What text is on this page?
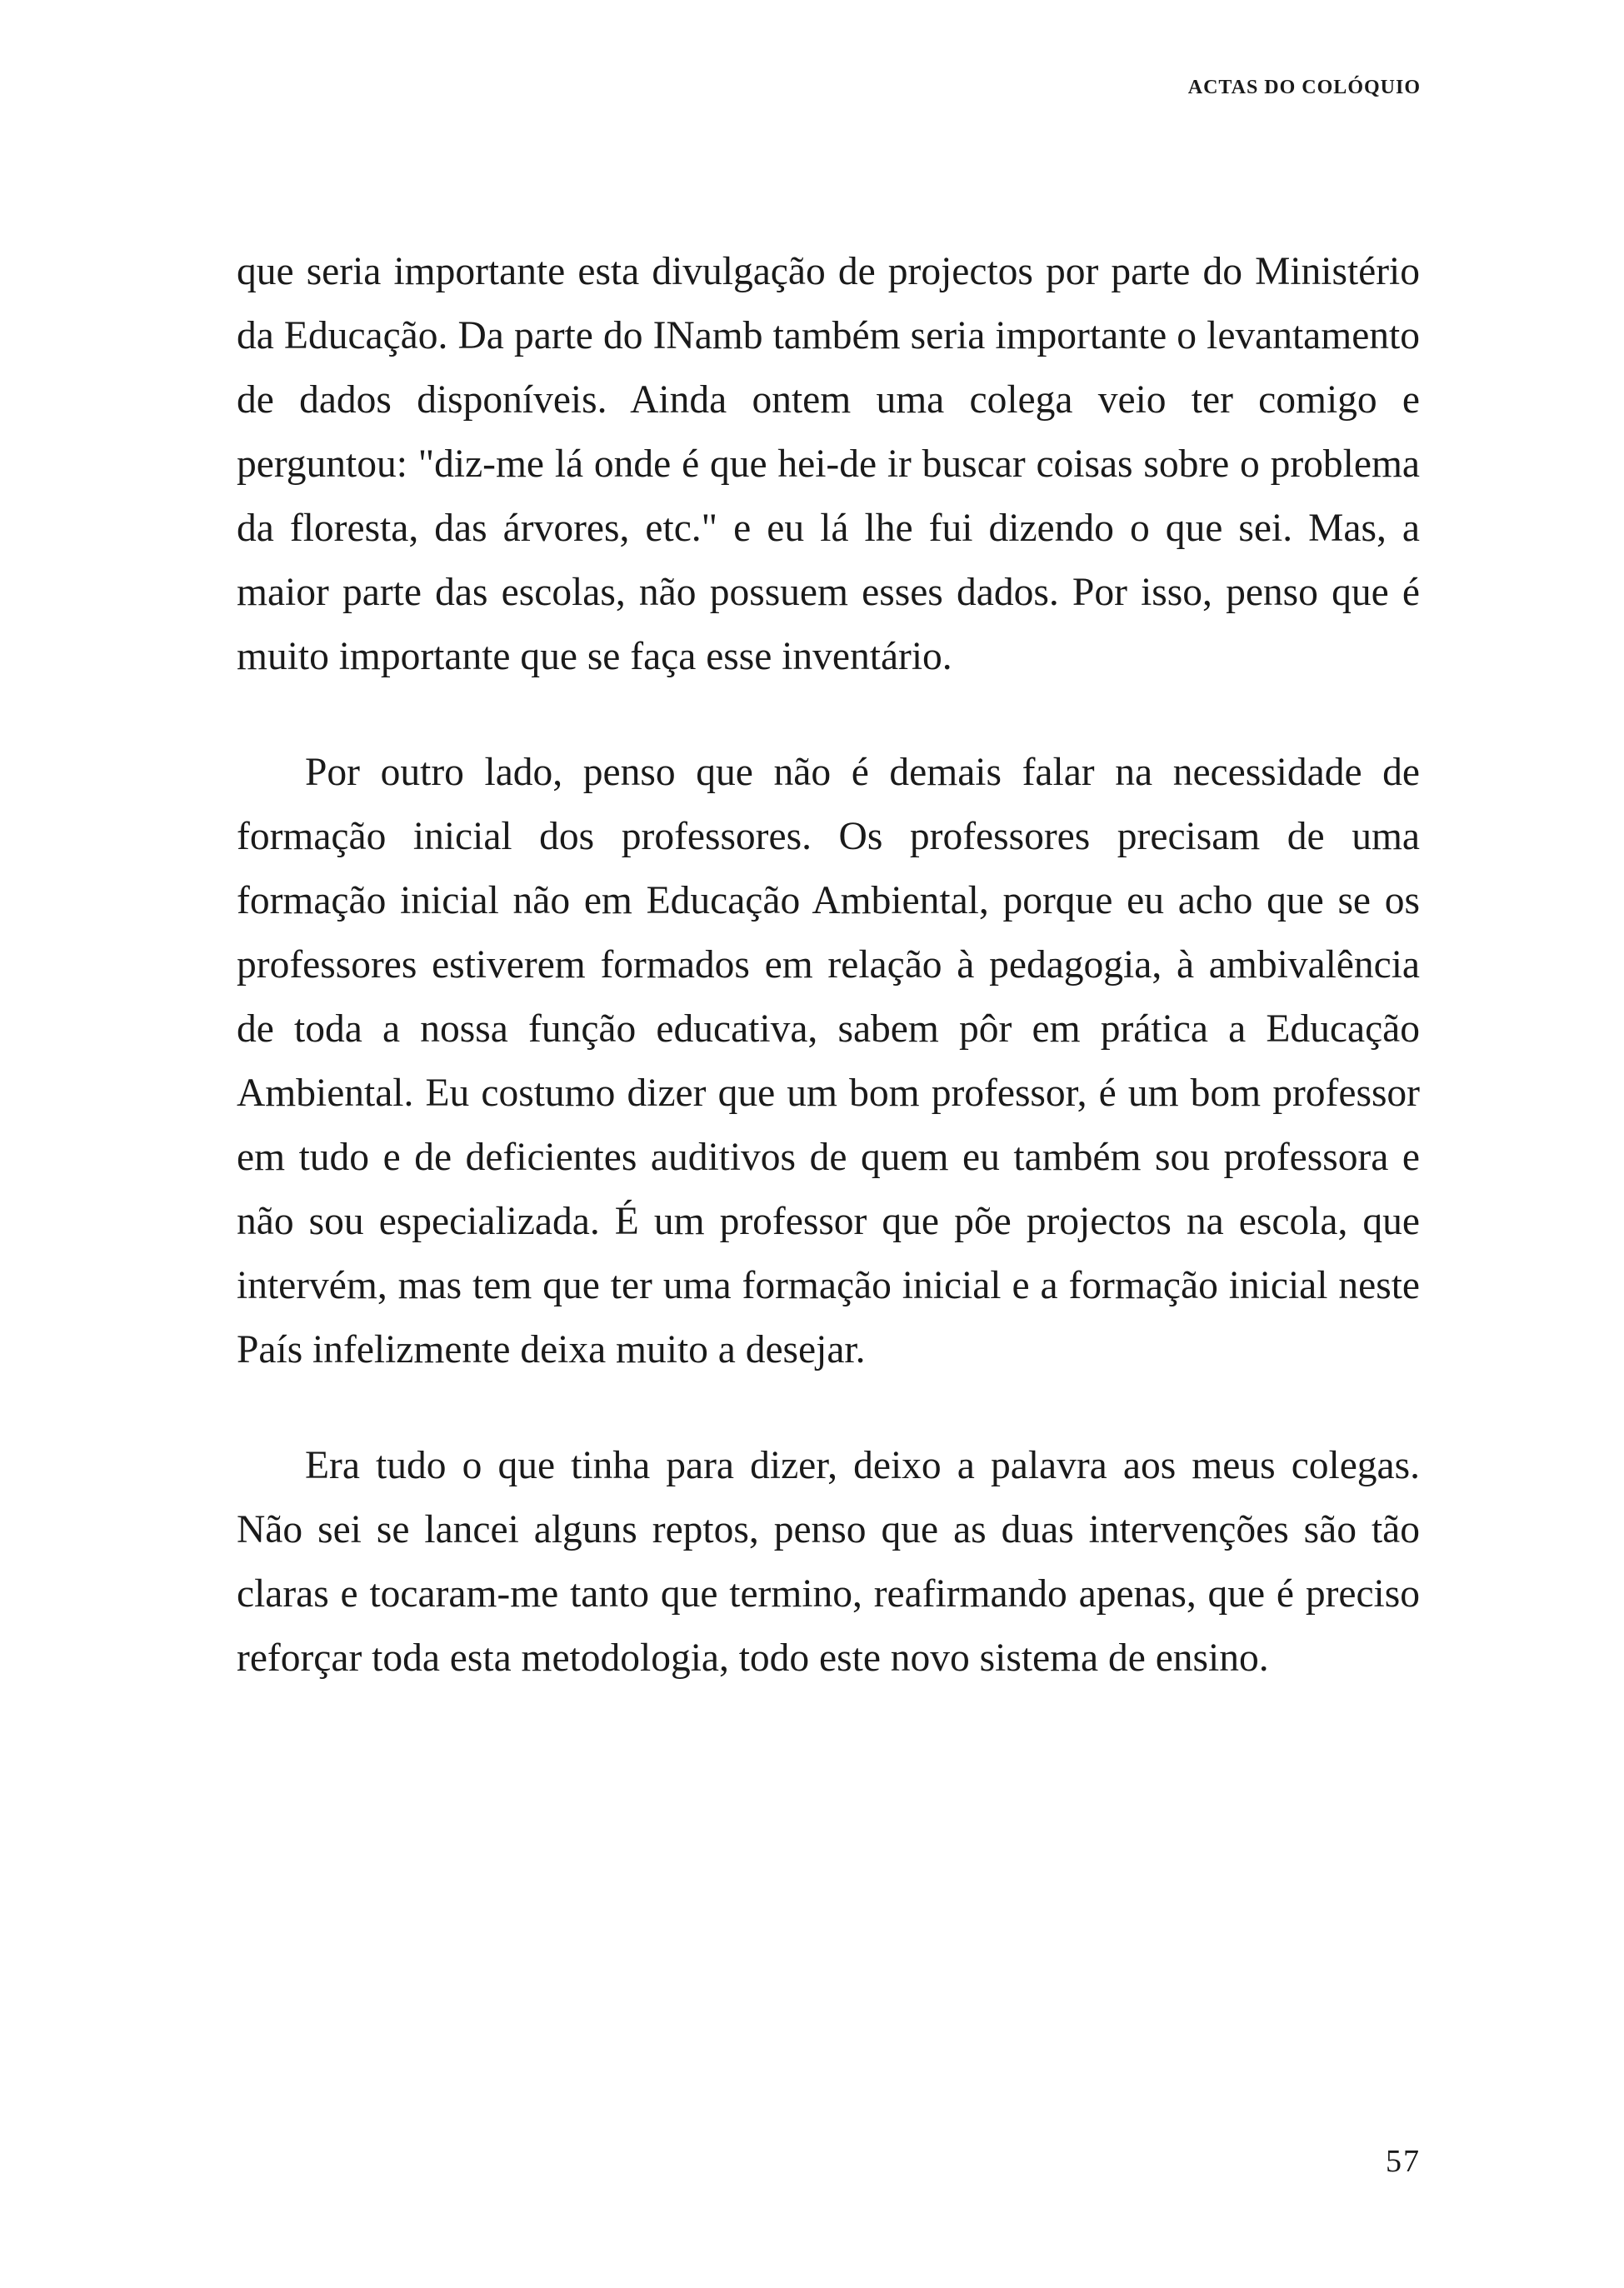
ACTAS DO COLÓQUIO

que seria importante esta divulgação de projectos por parte do Ministério da Educação. Da parte do INamb também seria importante o levantamento de dados disponíveis. Ainda ontem uma colega veio ter comigo e perguntou: "diz-me lá onde é que hei-de ir buscar coisas sobre o problema da floresta, das árvores, etc." e eu lá lhe fui dizendo o que sei. Mas, a maior parte das escolas, não possuem esses dados. Por isso, penso que é muito importante que se faça esse inventário.

Por outro lado, penso que não é demais falar na necessidade de formação inicial dos professores. Os professores precisam de uma formação inicial não em Educação Ambiental, porque eu acho que se os professores estiverem formados em relação à pedagogia, à ambivalência de toda a nossa função educativa, sabem pôr em prática a Educação Ambiental. Eu costumo dizer que um bom professor, é um bom professor em tudo e de deficientes auditivos de quem eu também sou professora e não sou especializada. É um professor que põe projectos na escola, que intervém, mas tem que ter uma formação inicial e a formação inicial neste País infelizmente deixa muito a desejar.

Era tudo o que tinha para dizer, deixo a palavra aos meus colegas. Não sei se lancei alguns reptos, penso que as duas intervenções são tão claras e tocaram-me tanto que termino, reafirmando apenas, que é preciso reforçar toda esta metodologia, todo este novo sistema de ensino.

57
